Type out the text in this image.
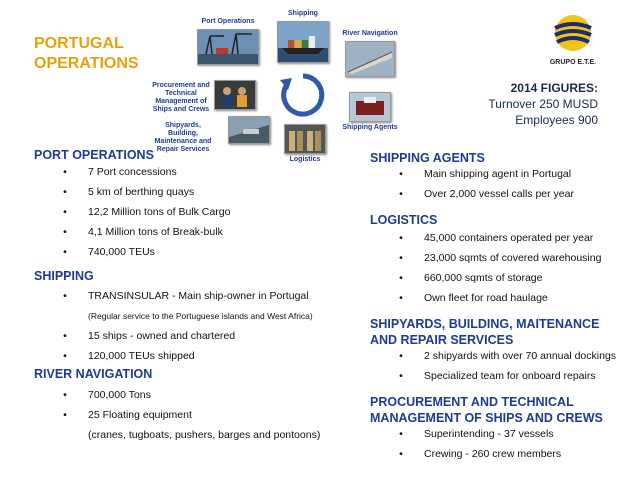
PORTUGAL OPERATIONS
Port Operations
Shipping
River Navigation
Procurement and Technical Management of Ships and Crews
Shipping Agents
Shipyards, Building, Maintenance and Repair Services
Logistics
GRUPO E.T.E.
2014 FIGURES:
Turnover 250 MUSD
Employees 900
PORT OPERATIONS
•	7 Port concessions
•	5 km of berthing quays
•	12,2 Million tons of Bulk Cargo
•	4,1 Million tons of Break-bulk
•	740,000 TEUs
SHIPPING
•	TRANSINSULAR - Main ship-owner in Portugal
(Regular service to the Portuguese islands and West Africa)
•	15 ships - owned and chartered
•	120,000 TEUs shipped
RIVER NAVIGATION
•	700,000 Tons
•	25 Floating equipment
(cranes, tugboats, pushers, barges and pontoons)
SHIPPING AGENTS
•	Main shipping agent in Portugal
•	Over 2,000 vessel calls per year
LOGISTICS
•	45,000 containers operated per year
•	23,000 sqmts of covered warehousing
•	660,000 sqmts of storage
•	Own fleet for road haulage
SHIPYARDS, BUILDING, MAITENANCE AND REPAIR SERVICES
•	2 shipyards with over 70 annual dockings
•	Specialized team for onboard repairs
PROCUREMENT AND TECHNICAL MANAGEMENT OF SHIPS AND CREWS
•	Superintending - 37 vessels
•	Crewing - 260 crew members
